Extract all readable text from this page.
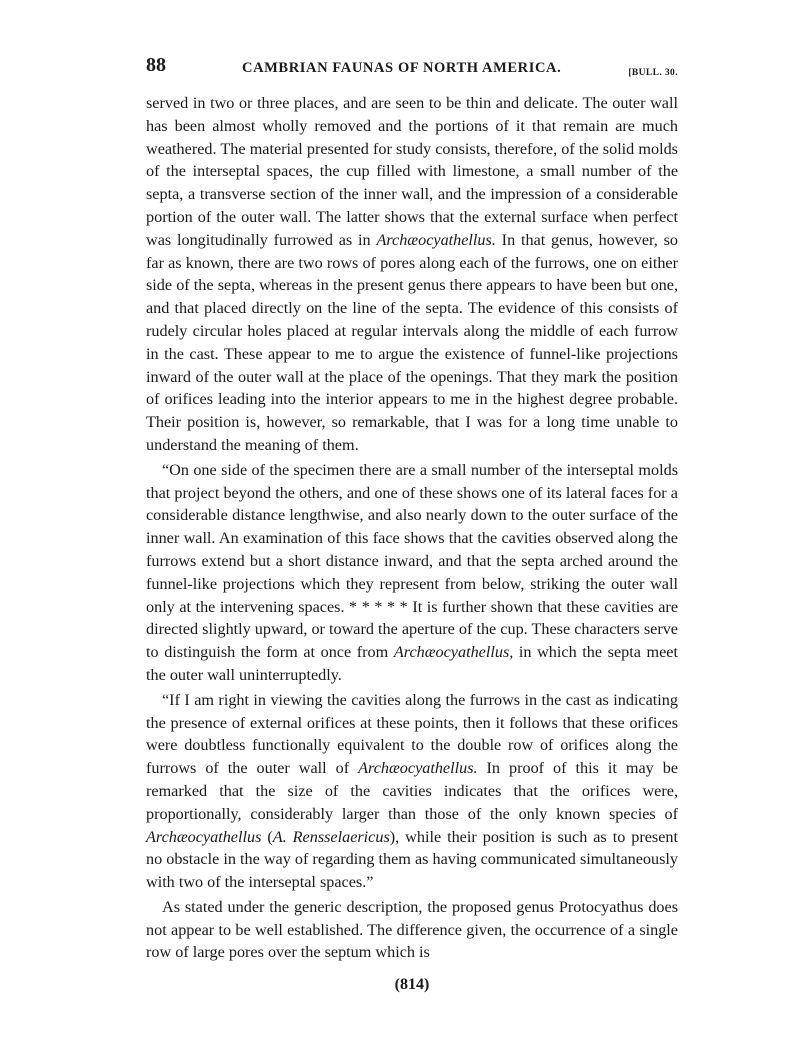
88	CAMBRIAN FAUNAS OF NORTH AMERICA.	[BULL. 30.

served in two or three places, and are seen to be thin and delicate. The outer wall has been almost wholly removed and the portions of it that remain are much weathered. The material presented for study consists, therefore, of the solid molds of the interseptal spaces, the cup filled with limestone, a small number of the septa, a transverse section of the inner wall, and the impression of a considerable portion of the outer wall. The latter shows that the external surface when perfect was longitudinally furrowed as in Archæocyathellus. In that genus, however, so far as known, there are two rows of pores along each of the furrows, one on either side of the septa, whereas in the present genus there appears to have been but one, and that placed directly on the line of the septa. The evidence of this consists of rudely circular holes placed at regular intervals along the middle of each furrow in the cast. These appear to me to argue the existence of funnel-like projections inward of the outer wall at the place of the openings. That they mark the position of orifices leading into the interior appears to me in the highest degree probable. Their position is, however, so remarkable, that I was for a long time unable to understand the meaning of them.

“On one side of the specimen there are a small number of the interseptal molds that project beyond the others, and one of these shows one of its lateral faces for a considerable distance lengthwise, and also nearly down to the outer surface of the inner wall. An examination of this face shows that the cavities observed along the furrows extend but a short distance inward, and that the septa arched around the funnel-like projections which they represent from below, striking the outer wall only at the intervening spaces. * * * * * It is further shown that these cavities are directed slightly upward, or toward the aperture of the cup. These characters serve to distinguish the form at once from Archæocyathellus, in which the septa meet the outer wall uninterruptedly.

“If I am right in viewing the cavities along the furrows in the cast as indicating the presence of external orifices at these points, then it follows that these orifices were doubtless functionally equivalent to the double row of orifices along the furrows of the outer wall of Archæocyathellus. In proof of this it may be remarked that the size of the cavities indicates that the orifices were, proportionally, considerably larger than those of the only known species of Archæocyathellus (A. Rensselaericus), while their position is such as to present no obstacle in the way of regarding them as having communicated simultaneously with two of the interseptal spaces.”

As stated under the generic description, the proposed genus Protocyathus does not appear to be well established. The difference given, the occurrence of a single row of large pores over the septum which is

(814)
